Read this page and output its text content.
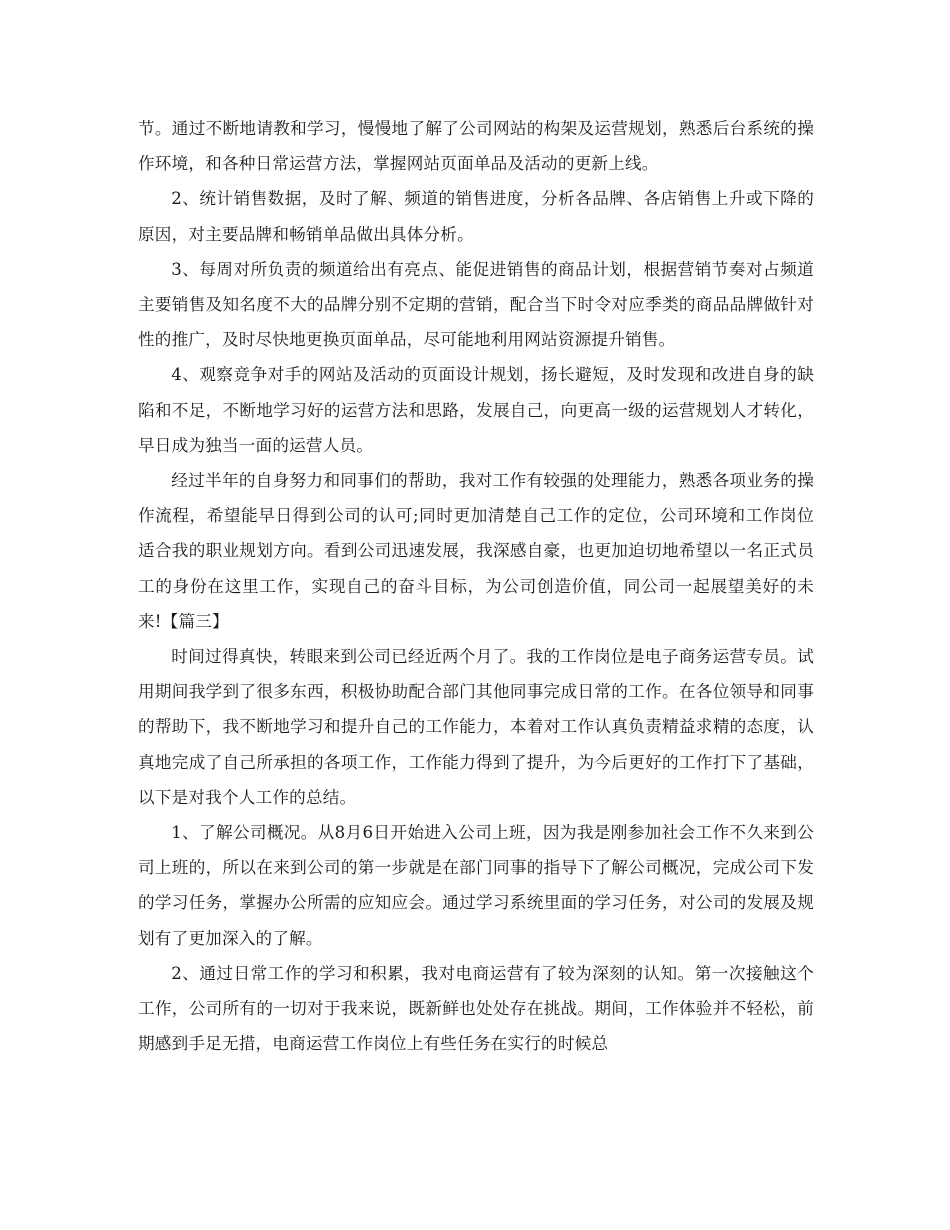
节。通过不断地请教和学习，慢慢地了解了公司网站的构架及运营规划，熟悉后台系统的操作环境，和各种日常运营方法，掌握网站页面单品及活动的更新上线。

2、统计销售数据，及时了解、频道的销售进度，分析各品牌、各店销售上升或下降的原因，对主要品牌和畅销单品做出具体分析。

3、每周对所负责的频道给出有亮点、能促进销售的商品计划，根据营销节奏对占频道主要销售及知名度不大的品牌分别不定期的营销，配合当下时令对应季类的商品品牌做针对性的推广，及时尽快地更换页面单品，尽可能地利用网站资源提升销售。

4、观察竞争对手的网站及活动的页面设计规划，扬长避短，及时发现和改进自身的缺陷和不足，不断地学习好的运营方法和思路，发展自己，向更高一级的运营规划人才转化，早日成为独当一面的运营人员。

经过半年的自身努力和同事们的帮助，我对工作有较强的处理能力，熟悉各项业务的操作流程，希望能早日得到公司的认可;同时更加清楚自己工作的定位，公司环境和工作岗位适合我的职业规划方向。看到公司迅速发展，我深感自豪，也更加迫切地希望以一名正式员工的身份在这里工作，实现自己的奋斗目标，为公司创造价值，同公司一起展望美好的未来!【篇三】

时间过得真快，转眼来到公司已经近两个月了。我的工作岗位是电子商务运营专员。试用期间我学到了很多东西，积极协助配合部门其他同事完成日常的工作。在各位领导和同事的帮助下，我不断地学习和提升自己的工作能力，本着对工作认真负责精益求精的态度，认真地完成了自己所承担的各项工作，工作能力得到了提升，为今后更好的工作打下了基础，以下是对我个人工作的总结。

1、了解公司概况。从8月6日开始进入公司上班，因为我是刚参加社会工作不久来到公司上班的，所以在来到公司的第一步就是在部门同事的指导下了解公司概况，完成公司下发的学习任务，掌握办公所需的应知应会。通过学习系统里面的学习任务，对公司的发展及规划有了更加深入的了解。

2、通过日常工作的学习和积累，我对电商运营有了较为深刻的认知。第一次接触这个工作，公司所有的一切对于我来说，既新鲜也处处存在挑战。期间，工作体验并不轻松，前期感到手足无措，电商运营工作岗位上有些任务在实行的时候总
